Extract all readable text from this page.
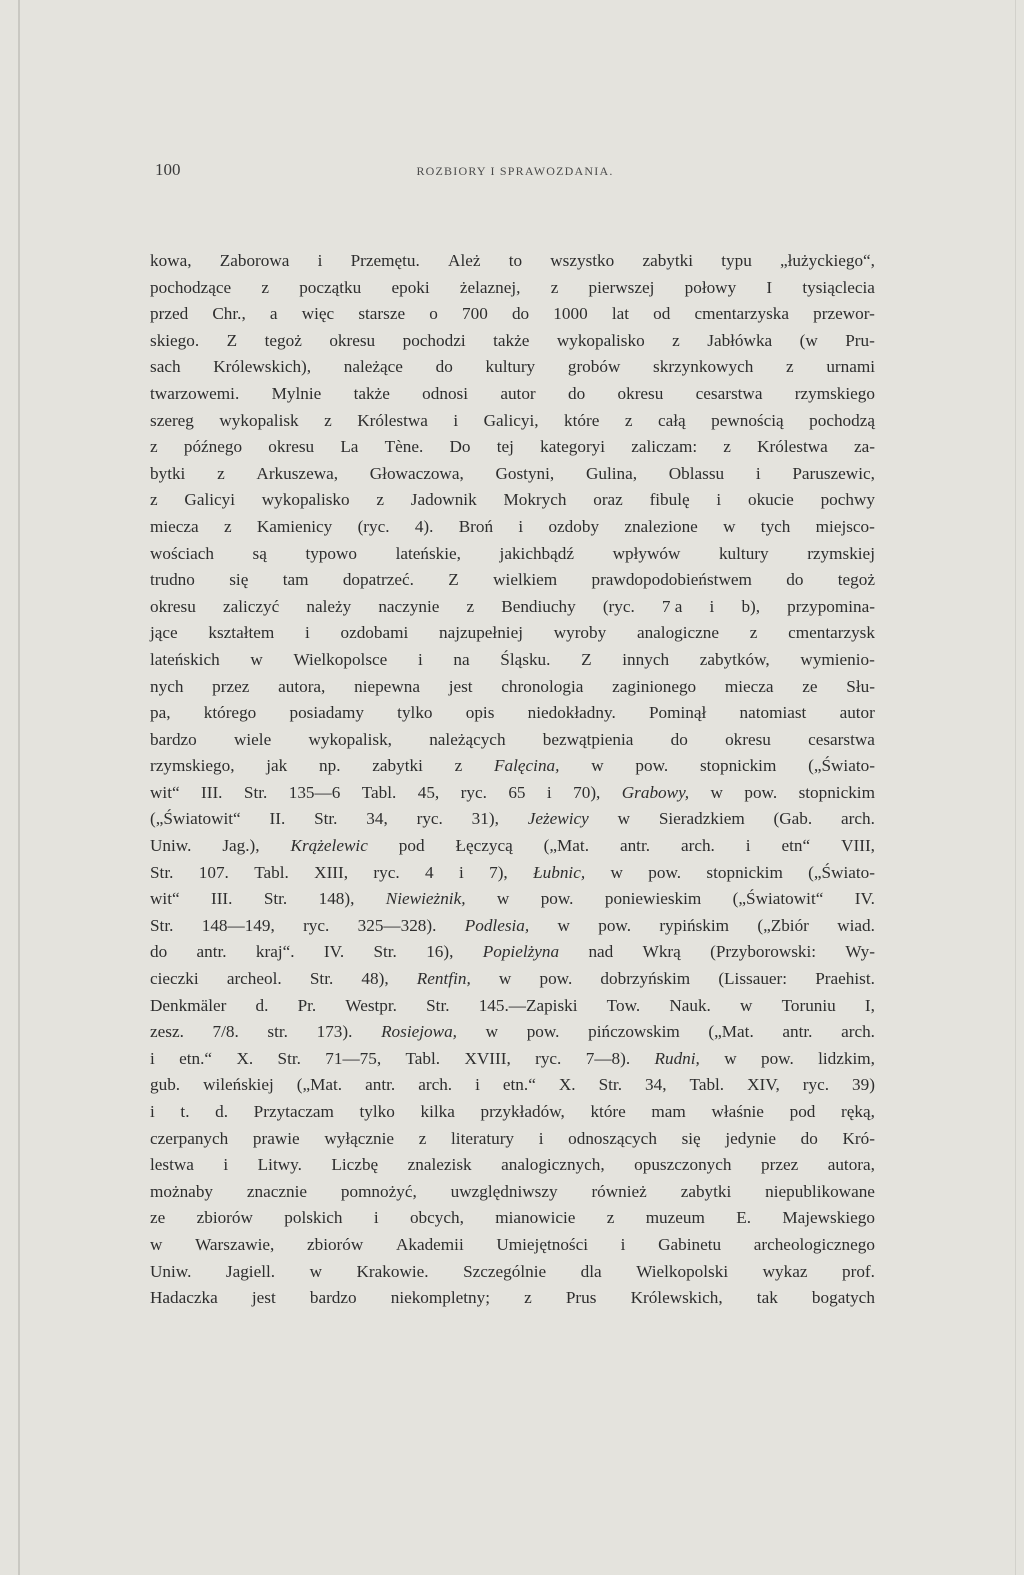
100	ROZBIORY I SPRAWOZDANIA.
kowa, Zaborowa i Przemętu. Ależ to wszystko zabytki typu „łużyckiego“,
pochodzące z początku epoki żelaznej, z pierwszej połowy I tysiąclecia
przed Chr., a więc starsze o 700 do 1000 lat od cmentarzyska przewor-
skiego. Z tegoż okresu pochodzi także wykopalisko z Jabłówka (w Pru-
sach Królewskich), należące do kultury grobów skrzynkowych z urnami
twarzowemi. Mylnie także odnosi autor do okresu cesarstwa rzymskiego
szereg wykopalisk z Królestwa i Galicyi, które z całą pewnością pochodzą
z późnego okresu La Tène. Do tej kategoryi zaliczam: z Królestwa za-
bytki z Arkuszewa, Głowaczowa, Gostyni, Gulina, Oblassu i Paruszewic,
z Galicyi wykopalisko z Jadownik Mokrych oraz fibulę i okucie pochwy
miecza z Kamienicy (ryc. 4). Broń i ozdoby znalezione w tych miejsco-
wościach są typowo lateńskie, jakichbądź wpływów kultury rzymskiej
trudno się tam dopatrzeć. Z wielkiem prawdopodobieństwem do tegoż
okresu zaliczyć należy naczynie z Bendiuchy (ryc. 7 a i b), przypomina-
jące kształtem i ozdobami najzupełniej wyroby analogiczne z cmentarzysk
lateńskich w Wielkopolsce i na Śląsku. Z innych zabytków, wymienio-
nych przez autora, niepewna jest chronologia zaginionego miecza ze Słu-
pa, którego posiadamy tylko opis niedokładny. Pominął natomiast autor
bardzo wiele wykopalisk, należących bezwątpienia do okresu cesarstwa
rzymskiego, jak np. zabytki z Falęcina, w pow. stopnickim („Świato-
wit“ III. Str. 135—6 Tabl. 45, ryc. 65 i 70), Grabowy, w pow. stopnickim
(„Światowit“ II. Str. 34, ryc. 31), Jeżewicy w Sieradzkiem (Gab. arch.
Uniw. Jag.), Krążelewic pod Łęczycą („Mat. antr. arch. i etn“ VIII,
Str. 107. Tabl. XIII, ryc. 4 i 7), Łubnic, w pow. stopnickim („Świato-
wit“ III. Str. 148), Niewieżnik, w pow. poniewieskim („Światowit“ IV.
Str. 148—149, ryc. 325—328). Podlesia, w pow. rypińskim („Zbiór wiad.
do antr. kraj“. IV. Str. 16), Popielżyna nad Wkrą (Przyborowski: Wy-
cieczki archeol. Str. 48), Rentfin, w pow. dobrzyńskim (Lissauer: Praehist.
Denkmäler d. Pr. Westpr. Str. 145.—Zapiski Tow. Nauk. w Toruniu I,
zesz. 7/8. str. 173). Rosiejowa, w pow. pińczowskim („Mat. antr. arch.
i etn.“ X. Str. 71—75, Tabl. XVIII, ryc. 7—8). Rudni, w pow. lidzkim,
gub. wileńskiej („Mat. antr. arch. i etn.“ X. Str. 34, Tabl. XIV, ryc. 39)
i t. d. Przytaczam tylko kilka przykładów, które mam właśnie pod ręką,
czerpanych prawie wyłącznie z literatury i odnoszących się jedynie do Kró-
lestwa i Litwy. Liczbę znalezisk analogicznych, opuszczonych przez autora,
możnaby znacznie pomnożyć, uwzględniwszy również zabytki niepublikowane
ze zbiorów polskich i obcych, mianowicie z muzeum E. Majewskiego
w Warszawie, zbiorów Akademii Umiejętności i Gabinetu archeologicznego
Uniw. Jagiell. w Krakowie. Szczególnie dla Wielkopolski wykaz prof.
Hadaczka jest bardzo niekompletny; z Prus Królewskich, tak bogatych
